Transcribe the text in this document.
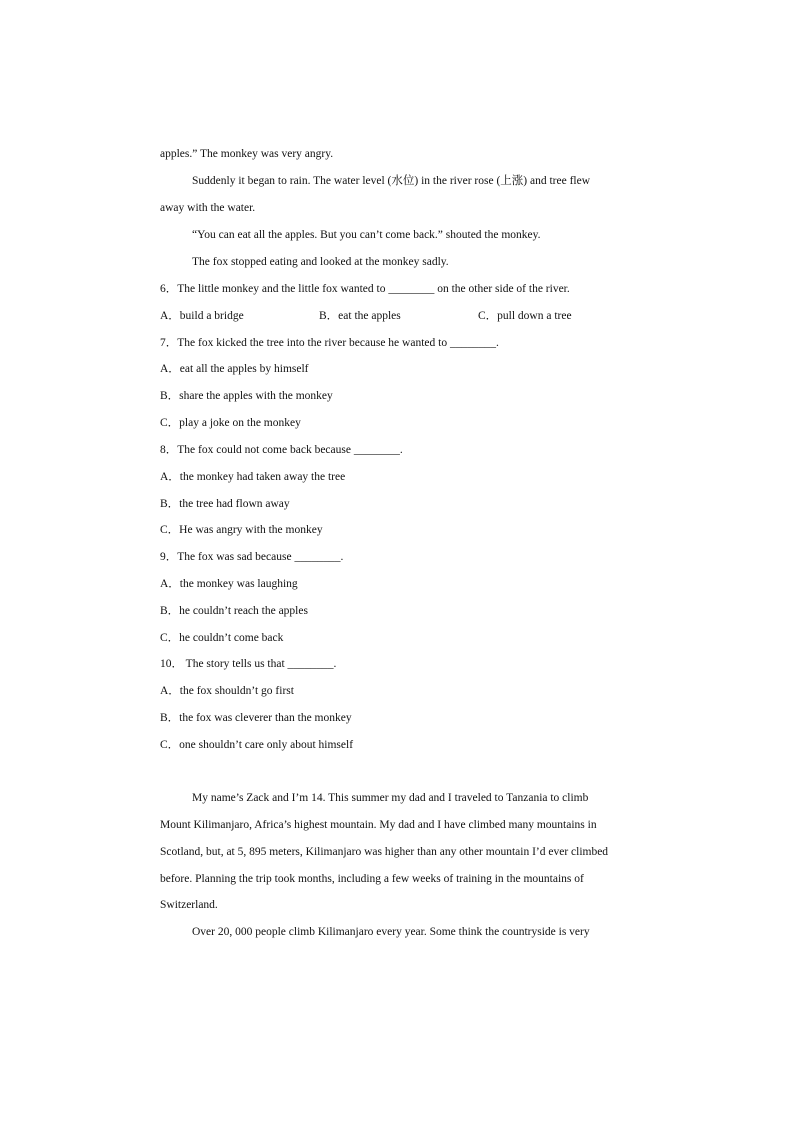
apples.” The monkey was very angry.
Suddenly it began to rain. The water level (水位) in the river rose (上涨) and tree flew
away with the water.
“You can eat all the apples. But you can’t come back.” shouted the monkey.
The fox stopped eating and looked at the monkey sadly.
6．The little monkey and the little fox wanted to ________ on the other side of the river.
A．build a bridge	B．eat the apples	C．pull down a tree
7．The fox kicked the tree into the river because he wanted to ________.
A．eat all the apples by himself
B．share the apples with the monkey
C．play a joke on the monkey
8．The fox could not come back because ________.
A．the monkey had taken away the tree
B．the tree had flown away
C．He was angry with the monkey
9．The fox was sad because ________.
A．the monkey was laughing
B．he couldn’t reach the apples
C．he couldn’t come back
10． The story tells us that ________.
A．the fox shouldn’t go first
B．the fox was cleverer than the monkey
C．one shouldn’t care only about himself
My name’s Zack and I’m 14. This summer my dad and I traveled to Tanzania to climb
Mount Kilimanjaro, Africa’s highest mountain. My dad and I have climbed many mountains in
Scotland, but, at 5, 895 meters, Kilimanjaro was higher than any other mountain I’d ever climbed
before. Planning the trip took months, including a few weeks of training in the mountains of
Switzerland.
Over 20, 000 people climb Kilimanjaro every year. Some think the countryside is very
